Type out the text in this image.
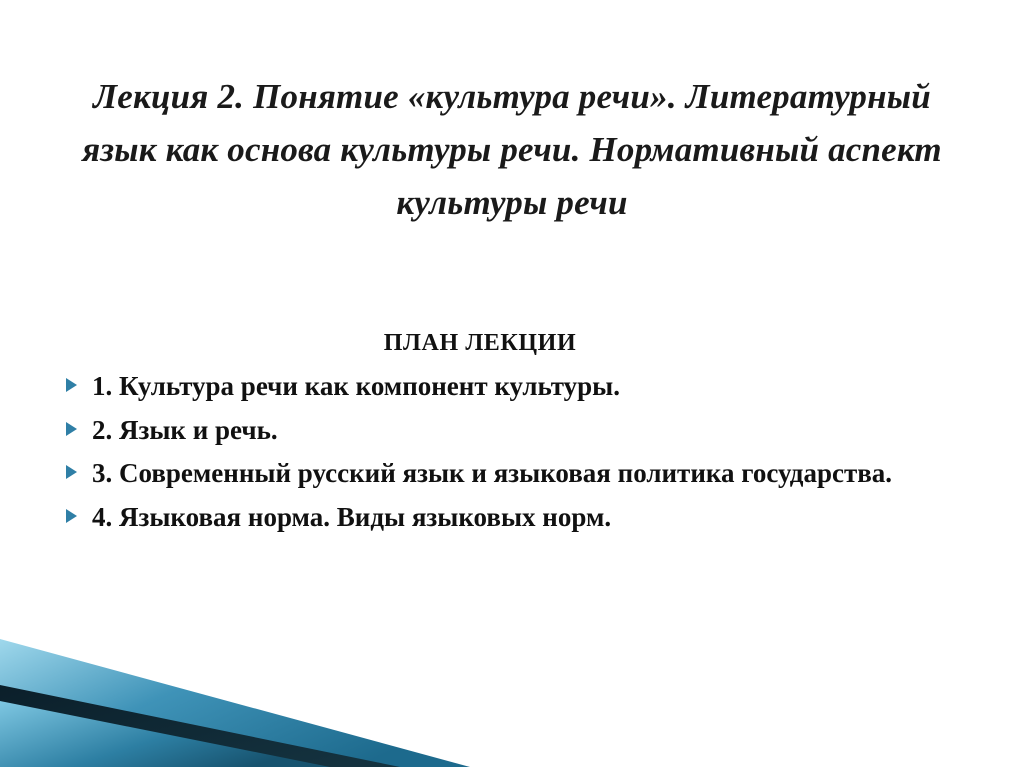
Лекция 2. Понятие «культура речи». Литературный язык как основа культуры речи. Нормативный аспект культуры речи
ПЛАН ЛЕКЦИИ
1. Культура речи как компонент культуры.
2. Язык и речь.
3. Современный русский язык и языковая политика государства.
4. Языковая норма. Виды языковых норм.
